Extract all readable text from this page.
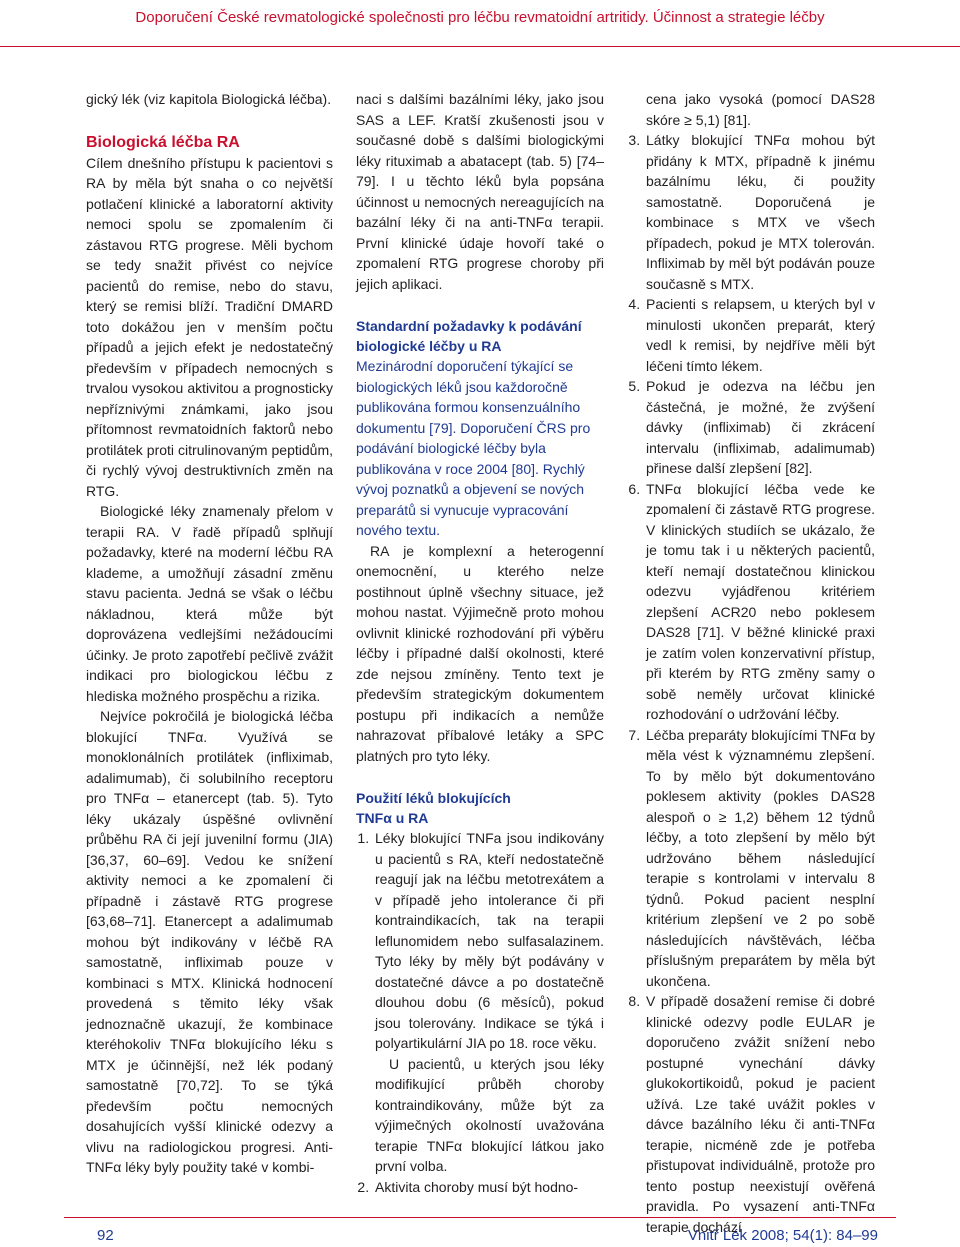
Doporučení České revmatologické společnosti pro léčbu revmatoidní artritidy. Účinnost a strategie léčby

gický lék (viz kapitola Biologická léčba).

Biologická léčba RA

Cílem dnešního přístupu k pacientovi s RA by měla být snaha o co největší potlačení klinické a laboratorní aktivity nemoci spolu se zpomalením či zástavou RTG progrese. Měli bychom se tedy snažit přivést co nejvíce pacientů do remise, nebo do stavu, který se remisi blíží. Tradiční DMARD toto dokážou jen v menším počtu případů a jejich efekt je nedostatečný především v případech nemocných s trvalou vysokou aktivitou a prognosticky nepříznivými známkami, jako jsou přítomnost revmatoidních faktorů nebo protilátek proti citrulinovaným peptidům, či rychlý vývoj destruktivních změn na RTG.

Biologické léky znamenaly přelom v terapii RA. V řadě případů splňují požadavky, které na moderní léčbu RA klademe, a umožňují zásadní změnu stavu pacienta. Jedná se však o léčbu nákladnou, která může být doprovázena vedlejšími nežádoucími účinky. Je proto zapotřebí pečlivě zvážit indikaci pro biologickou léčbu z hlediska možného prospěchu a rizika.

Nejvíce pokročilá je biologická léčba blokující TNFα. Využívá se monoklonálních protilátek (infliximab, adalimumab), či solubilního receptoru pro TNFα – etanercept (tab. 5). Tyto léky ukázaly úspěšné ovlivnění průběhu RA či její juvenilní formu (JIA) [36,37, 60–69]. Vedou ke snížení aktivity nemoci a ke zpomalení či případně i zástavě RTG progrese [63,68–71]. Etanercept a adalimumab mohou být indikovány v léčbě RA samostatně, infliximab pouze v kombinaci s MTX. Klinická hodnocení provedená s těmito léky však jednoznačně ukazují, že kombinace kteréhokoliv TNFα blokujícího léku s MTX je účinnější, než lék podaný samostatně [70,72]. To se týká především počtu nemocných dosahujících vyšší klinické odezvy a vlivu na radiologickou progresi. Anti-TNFα léky byly použity také v kombi-

naci s dalšími bazálními léky, jako jsou SAS a LEF. Kratší zkušenosti jsou v současné době s dalšími biologickými léky rituximab a abatacept (tab. 5) [74–79]. I u těchto léků byla popsána účinnost u nemocných nereagujících na bazální léky či na anti-TNFα terapii. První klinické údaje hovoří také o zpomalení RTG progrese choroby při jejich aplikaci.

Standardní požadavky k podávání biologické léčby u RA

Mezinárodní doporučení týkající se biologických léků jsou každoročně publikována formou konsenzuálního dokumentu [79]. Doporučení ČRS pro podávání biologické léčby byla publikována v roce 2004 [80]. Rychlý vývoj poznatků a objevení se nových preparátů si vynucuje vypracování nového textu.

RA je komplexní a heterogenní onemocnění, u kterého nelze postihnout úplně všechny situace, jež mohou nastat. Výjimečně proto mohou ovlivnit klinické rozhodování při výběru léčby i případné další okolnosti, které zde nejsou zmíněny. Tento text je především strategickým dokumentem postupu při indikacích a nemůže nahrazovat příbalové letáky a SPC platných pro tyto léky.

Použití léků blokujících
TNFα u RA

1. Léky blokující TNFa jsou indikovány u pacientů s RA, kteří nedostatečně reagují jak na léčbu metotrexátem a v případě jeho intolerance či při kontraindikacích, tak na terapii leflunomidem nebo sulfasalazinem. Tyto léky by měly být podávány v dostatečné dávce a po dostatečně dlouhou dobu (6 měsíců), pokud jsou tolerovány. Indikace se týká i polyartikulární JIA po 18. roce věku.

U pacientů, u kterých jsou léky modifikující průběh choroby kontraindikovány, může být za výjimečných okolností uvažována terapie TNFα blokující látkou jako první volba.

2. Aktivita choroby musí být hodno-

cena jako vysoká (pomocí DAS28 skóre ≥ 5,1) [81].

3. Látky blokující TNFα mohou být přidány k MTX, případně k jinému bazálnímu léku, či použity samostatně. Doporučená je kombinace s MTX ve všech případech, pokud je MTX tolerován. Infliximab by měl být podáván pouze současně s MTX.

4. Pacienti s relapsem, u kterých byl v minulosti ukončen preparát, který vedl k remisi, by nejdříve měli být léčeni tímto lékem.

5. Pokud je odezva na léčbu jen částečná, je možné, že zvýšení dávky (infliximab) či zkrácení intervalu (infliximab, adalimumab) přinese další zlepšení [82].

6. TNFα blokující léčba vede ke zpomalení či zástavě RTG progrese. V klinických studiích se ukázalo, že je tomu tak i u některých pacientů, kteří nemají dostatečnou klinickou odezvu vyjádřenou kritériem zlepšení ACR20 nebo poklesem DAS28 [71]. V běžné klinické praxi je zatím volen konzervativní přístup, při kterém by RTG změny samy o sobě neměly určovat klinické rozhodování o udržování léčby.

7. Léčba preparáty blokujícími TNFα by měla vést k významnému zlepšení. To by mělo být dokumentováno poklesem aktivity (pokles DAS28 alespoň o ≥ 1,2) během 12 týdnů léčby, a toto zlepšení by mělo být udržováno během následující terapie s kontrolami v intervalu 8 týdnů. Pokud pacient nesplní kritérium zlepšení ve 2 po sobě následujících návštěvách, léčba příslušným preparátem by měla být ukončena.

8. V případě dosažení remise či dobré klinické odezvy podle EULAR je doporučeno zvážit snížení nebo postupné vynechání dávky glukokortikoidů, pokud je pacient užívá. Lze také uvážit pokles v dávce bazálního léku či anti-TNFα terapie, nicméně zde je potřeba přistupovat individuálně, protože pro tento postup neexistují ověřená pravidla. Po vysazení anti-TNFα terapie dochází

92	Vnitř Lék 2008; 54(1): 84–99
